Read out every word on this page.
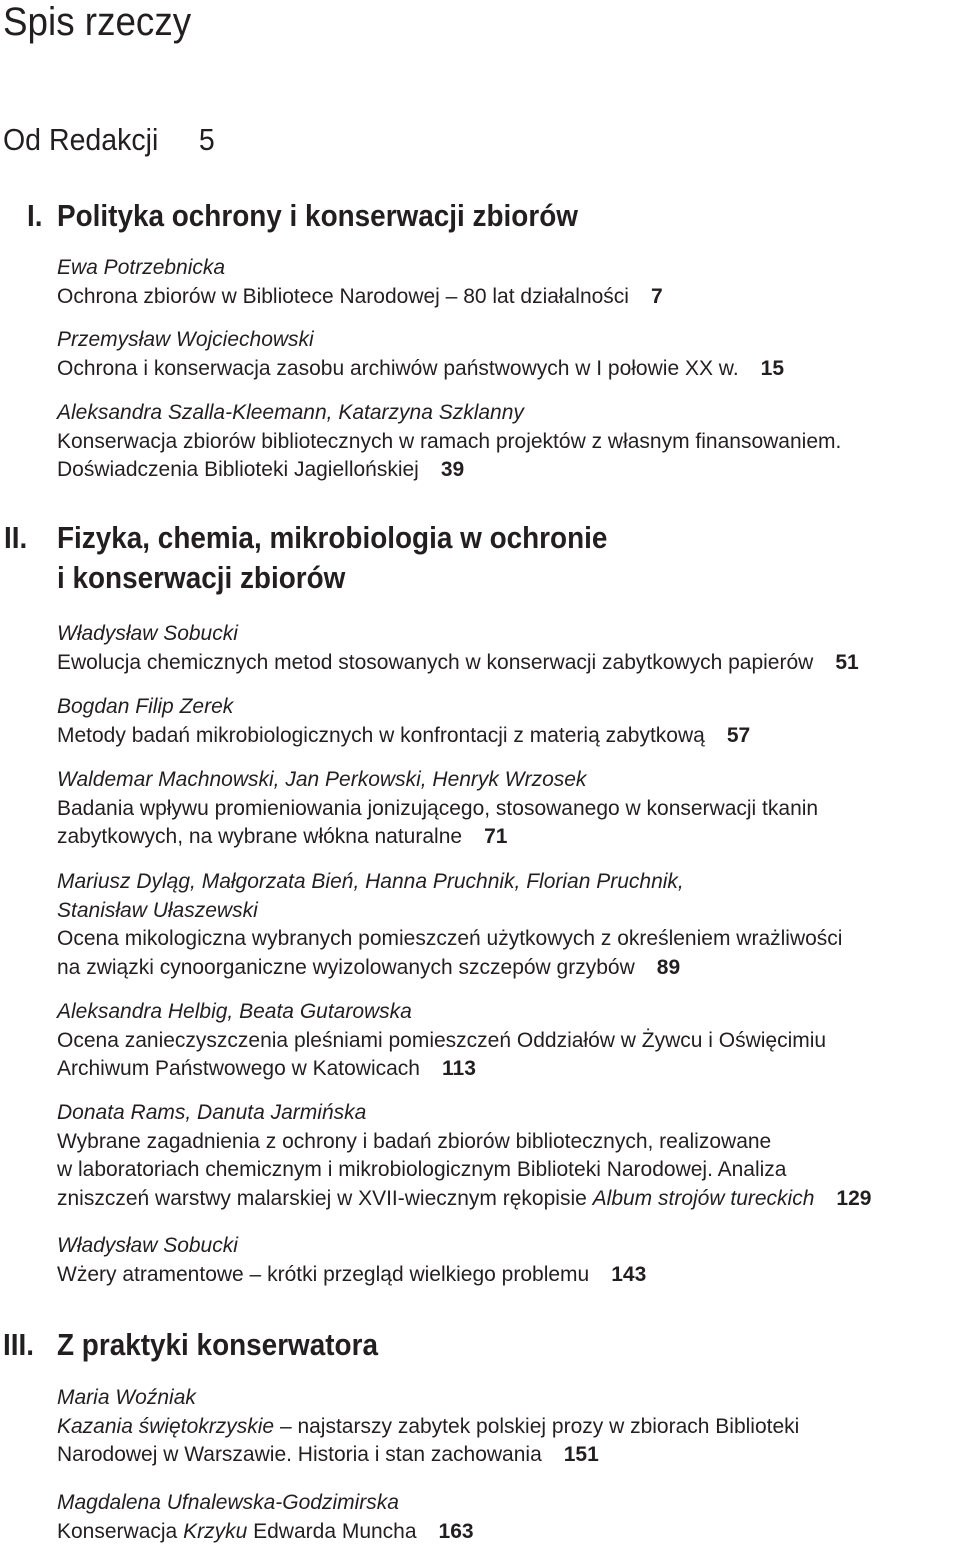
Spis rzeczy
Od Redakcji 5
I. Polityka ochrony i konserwacji zbiorów
Ewa Potrzebnicka
Ochrona zbiorów w Bibliotece Narodowej – 80 lat działalności 7
Przemysław Wojciechowski
Ochrona i konserwacja zasobu archiwów państwowych w I połowie XX w. 15
Aleksandra Szalla-Kleemann, Katarzyna Szklanny
Konserwacja zbiorów bibliotecznych w ramach projektów z własnym finansowaniem.
Doświadczenia Biblioteki Jagiellońskiej 39
II. Fizyka, chemia, mikrobiologia w ochronie
i konserwacji zbiorów
Władysław Sobucki
Ewolucja chemicznych metod stosowanych w konserwacji zabytkowych papierów 51
Bogdan Filip Zerek
Metody badań mikrobiologicznych w konfrontacji z materią zabytkową 57
Waldemar Machnowski, Jan Perkowski, Henryk Wrzosek
Badania wpływu promieniowania jonizującego, stosowanego w konserwacji tkanin
zabytkowych, na wybrane włókna naturalne 71
Mariusz Dyląg, Małgorzata Bień, Hanna Pruchnik, Florian Pruchnik,
Stanisław Ułaszewski
Ocena mikologiczna wybranych pomieszczeń użytkowych z określeniem wrażliwości
na związki cynoorganiczne wyizolowanych szczepów grzybów 89
Aleksandra Helbig, Beata Gutarowska
Ocena zanieczyszczenia pleśniami pomieszczeń Oddziałów w Żywcu i Oświęcimiu
Archiwum Państwowego w Katowicach 113
Donata Rams, Danuta Jarmińska
Wybrane zagadnienia z ochrony i badań zbiorów bibliotecznych, realizowane
w laboratoriach chemicznym i mikrobiologicznym Biblioteki Narodowej. Analiza
zniszczeń warstwy malarskiej w XVII-wiecznym rękopisie Album strojów tureckich 129
Władysław Sobucki
Wżery atramentowe – krótki przegląd wielkiego problemu 143
III. Z praktyki konserwatora
Maria Woźniak
Kazania świętokrzyskie – najstarszy zabytek polskiej prozy w zbiorach Biblioteki
Narodowej w Warszawie. Historia i stan zachowania 151
Magdalena Ufnalewska-Godzimirska
Konserwacja Krzyku Edwarda Muncha 163
